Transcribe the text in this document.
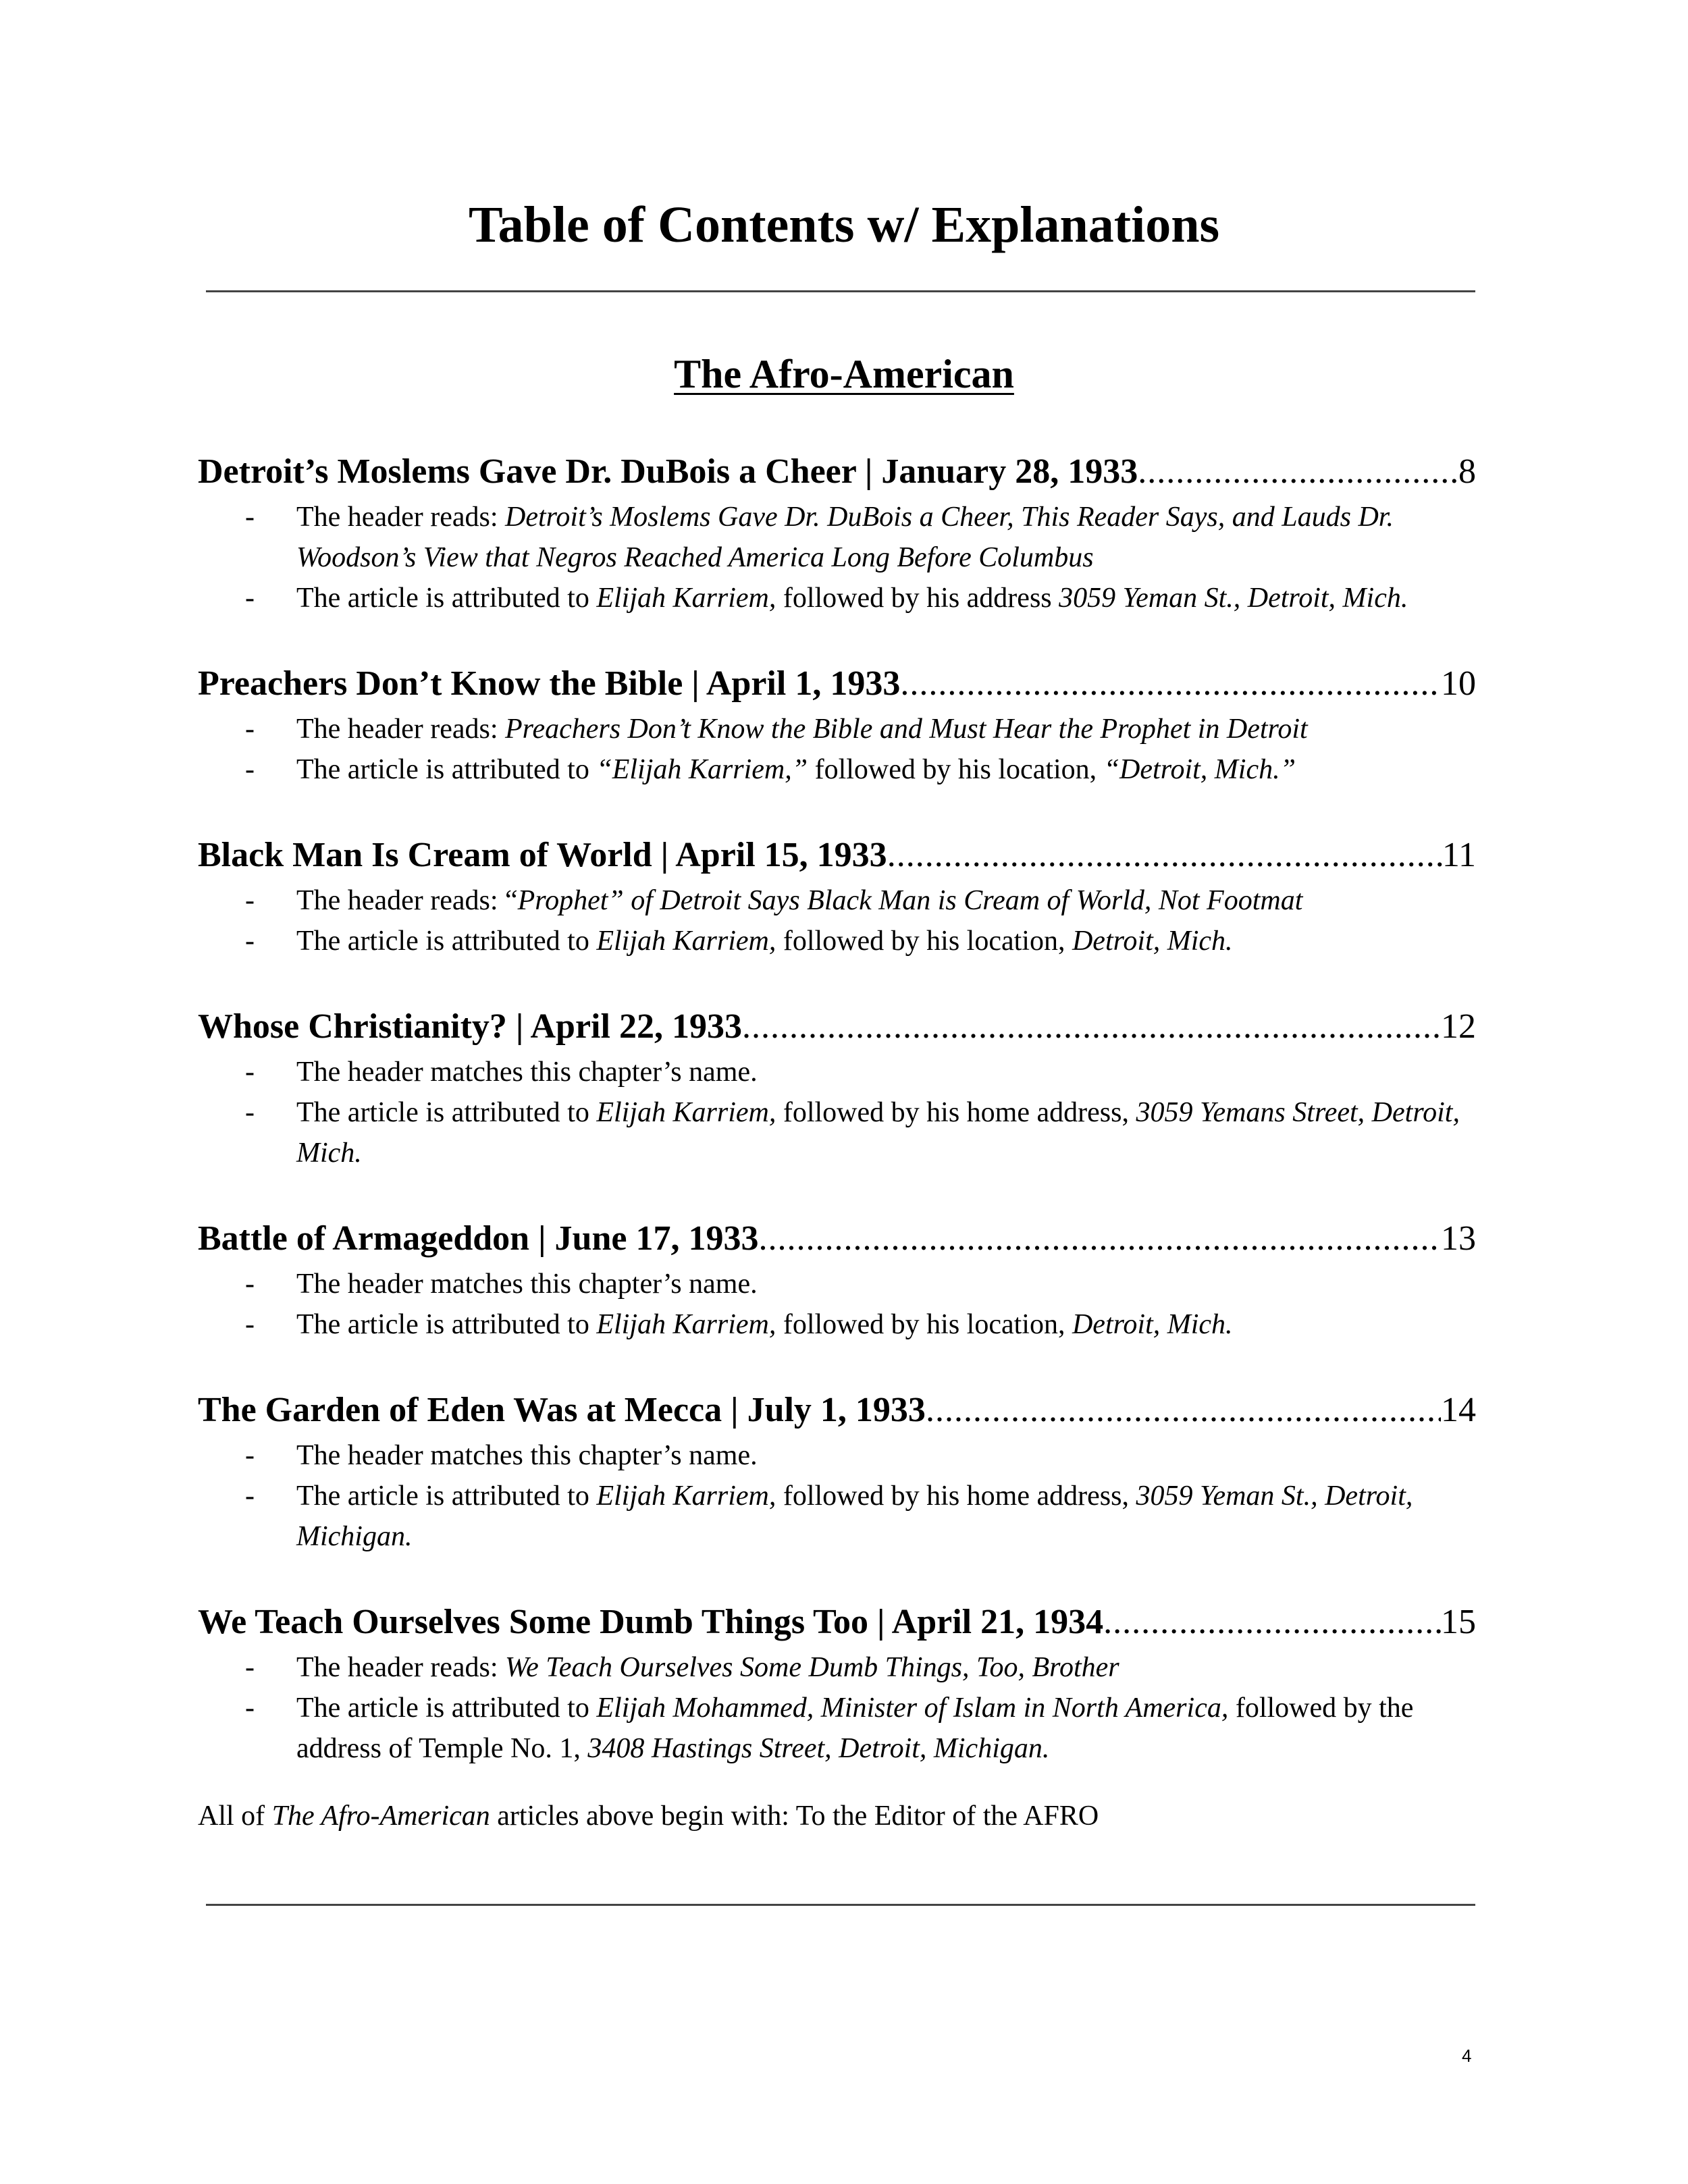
Table of Contents w/ Explanations
The Afro-American
Detroit’s Moslems Gave Dr. DuBois a Cheer | January 28, 1933 .....	8
- The header reads: Detroit’s Moslems Gave Dr. DuBois a Cheer, This Reader Says, and Lauds Dr. Woodson’s View that Negros Reached America Long Before Columbus
- The article is attributed to Elijah Karriem, followed by his address 3059 Yeman St., Detroit, Mich.
Preachers Don’t Know the Bible | April 1, 1933 .....	10
- The header reads: Preachers Don’t Know the Bible and Must Hear the Prophet in Detroit
- The article is attributed to “Elijah Karriem,” followed by his location, “Detroit, Mich.”
Black Man Is Cream of World | April 15, 1933 .....	11
- The header reads: “Prophet” of Detroit Says Black Man is Cream of World, Not Footmat
- The article is attributed to Elijah Karriem, followed by his location, Detroit, Mich.
Whose Christianity? | April 22, 1933 .....	12
- The header matches this chapter’s name.
- The article is attributed to Elijah Karriem, followed by his home address, 3059 Yemans Street, Detroit, Mich.
Battle of Armageddon | June 17, 1933 .....	13
- The header matches this chapter’s name.
- The article is attributed to Elijah Karriem, followed by his location, Detroit, Mich.
The Garden of Eden Was at Mecca | July 1, 1933 .....	14
- The header matches this chapter’s name.
- The article is attributed to Elijah Karriem, followed by his home address, 3059 Yeman St., Detroit, Michigan.
We Teach Ourselves Some Dumb Things Too | April 21, 1934 .....	15
- The header reads: We Teach Ourselves Some Dumb Things, Too, Brother
- The article is attributed to Elijah Mohammed, Minister of Islam in North America, followed by the address of Temple No. 1, 3408 Hastings Street, Detroit, Michigan.
All of The Afro-American articles above begin with: To the Editor of the AFRO
4
